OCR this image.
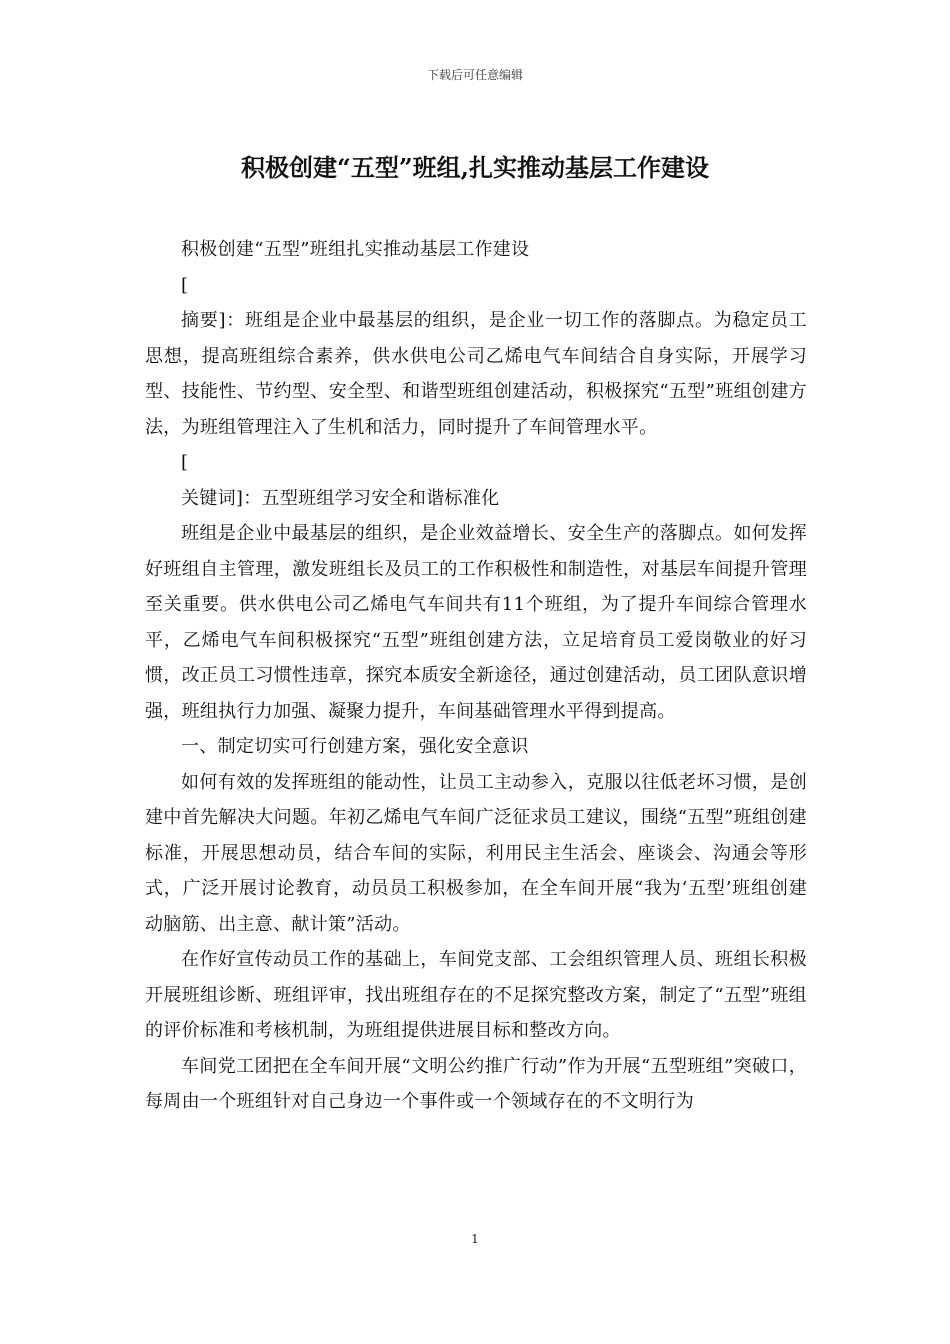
下载后可任意编辑
积极创建“五型”班组,扎实推动基层工作建设

积极创建“五型”班组扎实推动基层工作建设

[

摘要]：班组是企业中最基层的组织，是企业一切工作的落脚点。为稳定员工思想，提高班组综合素养，供水供电公司乙烯电气车间结合自身实际，开展学习型、技能性、节约型、安全型、和谐型班组创建活动，积极探究“五型”班组创建方法，为班组管理注入了生机和活力，同时提升了车间管理水平。

[

关键词]：五型班组学习安全和谐标准化

班组是企业中最基层的组织，是企业效益增长、安全生产的落脚点。如何发挥好班组自主管理，激发班组长及员工的工作积极性和制造性，对基层车间提升管理至关重要。供水供电公司乙烯电气车间共有11个班组，为了提升车间综合管理水平，乙烯电气车间积极探究“五型”班组创建方法，立足培育员工爱岗敬业的好习惯，改正员工习惯性违章，探究本质安全新途径，通过创建活动，员工团队意识增强，班组执行力加强、凝聚力提升，车间基础管理水平得到提高。

一、制定切实可行创建方案，强化安全意识

如何有效的发挥班组的能动性，让员工主动参入，克服以往低老坏习惯，是创建中首先解决大问题。年初乙烯电气车间广泛征求员工建议，围绕“五型”班组创建标准，开展思想动员，结合车间的实际，利用民主生活会、座谈会、沟通会等形式，广泛开展讨论教育，动员员工积极参加，在全车间开展“我为‘五型’班组创建动脑筋、出主意、献计策”活动。

在作好宣传动员工作的基础上，车间党支部、工会组织管理人员、班组长积极开展班组诊断、班组评审，找出班组存在的不足探究整改方案，制定了“五型”班组的评价标准和考核机制，为班组提供进展目标和整改方向。

车间党工团把在全车间开展“文明公约推广行动”作为开展“五型班组”突破口，每周由一个班组针对自己身边一个事件或一个领域存在的不文明行为

1
